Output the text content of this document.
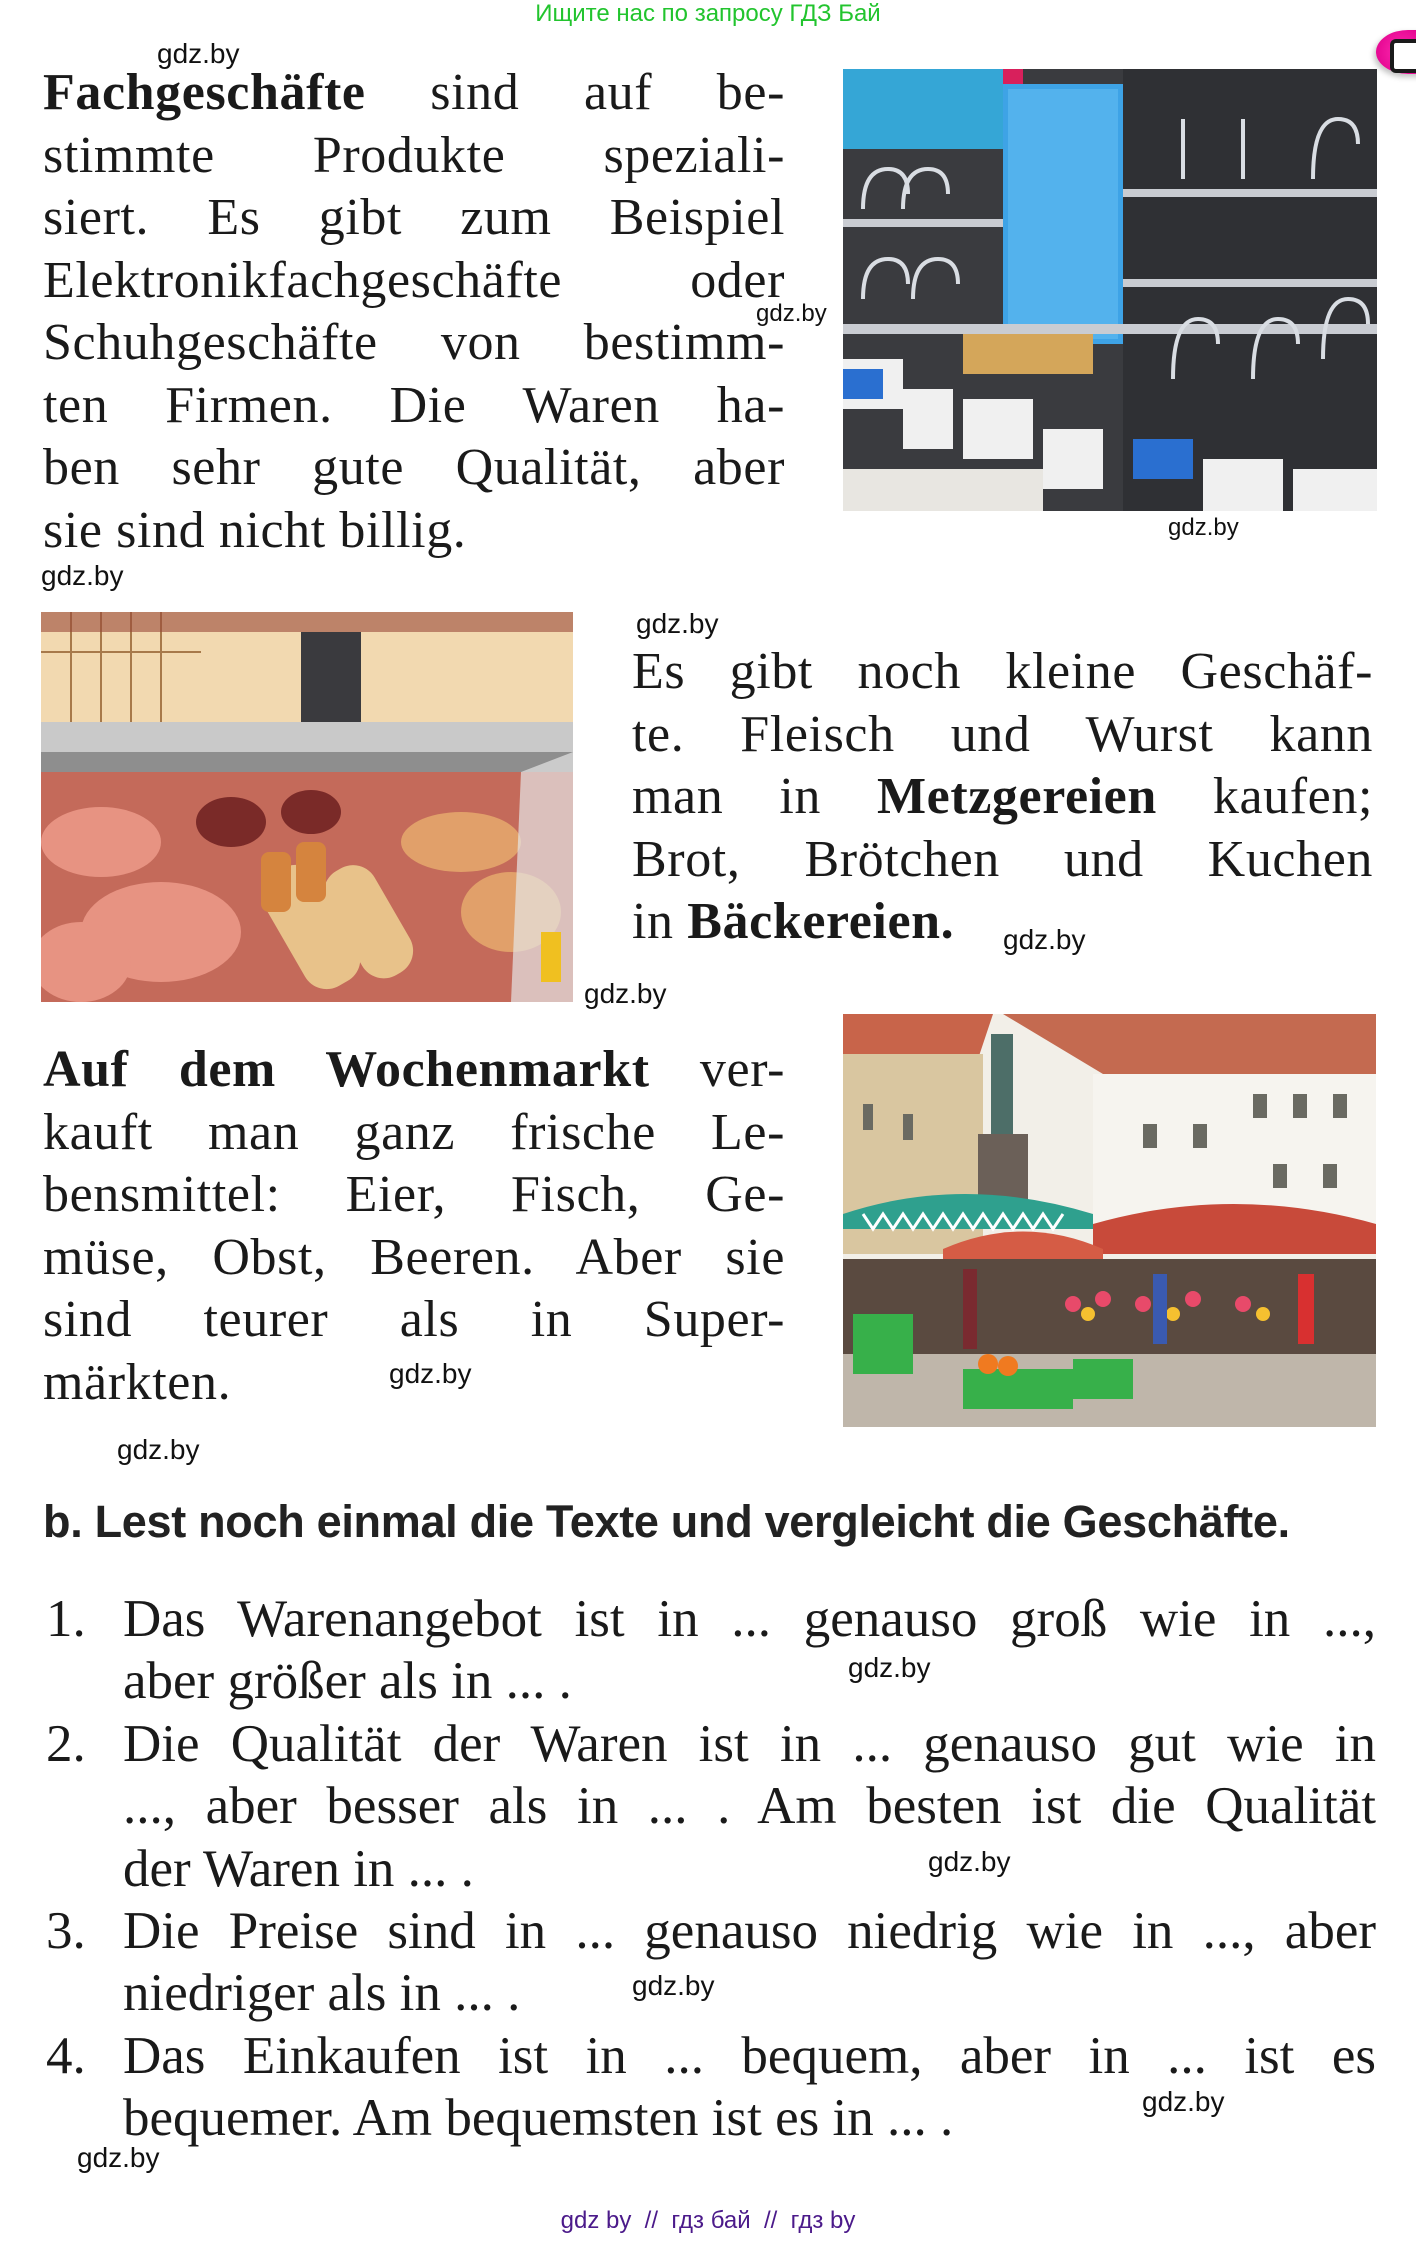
Ищите нас по запросу ГДЗ Бай
gdz.by
gdz.by
gdz.by
gdz.by
gdz.by
gdz.by
gdz.by
gdz.by
gdz.by
gdz.by
gdz.by
gdz.by
gdz.by
gdz.by
Fachgeschäfte sind auf be-
stimmte Produkte speziali-
siert. Es gibt zum Beispiel
Elektronikfachgeschäfte oder
Schuhgeschäfte von bestimm-
ten Firmen. Die Waren ha-
ben sehr gute Qualität, aber
sie sind nicht billig.
Es gibt noch kleine Geschäf-
te. Fleisch und Wurst kann
man in Metzgereien kaufen;
Brot, Brötchen und Kuchen
in Bäckereien.
Auf dem Wochenmarkt ver-
kauft man ganz frische Le-
bensmittel: Eier, Fisch, Ge-
müse, Obst, Beeren. Aber sie
sind teurer als in Super-
märkten.
b. Lest noch einmal die Texte und vergleicht die Geschäfte.
1. Das Warenangebot ist in ... genauso groß wie in ...,
aber größer als in ... .
2. Die Qualität der Waren ist in ... genauso gut wie in
..., aber besser als in ... . Am besten ist die Qualität
der Waren in ... .
3. Die Preise sind in ... genauso niedrig wie in ..., aber
niedriger als in ... .
4. Das Einkaufen ist in ... bequem, aber in ... ist es
bequemer. Am bequemsten ist es in ... .
gdz by  //  гдз бай  //  гдз by
